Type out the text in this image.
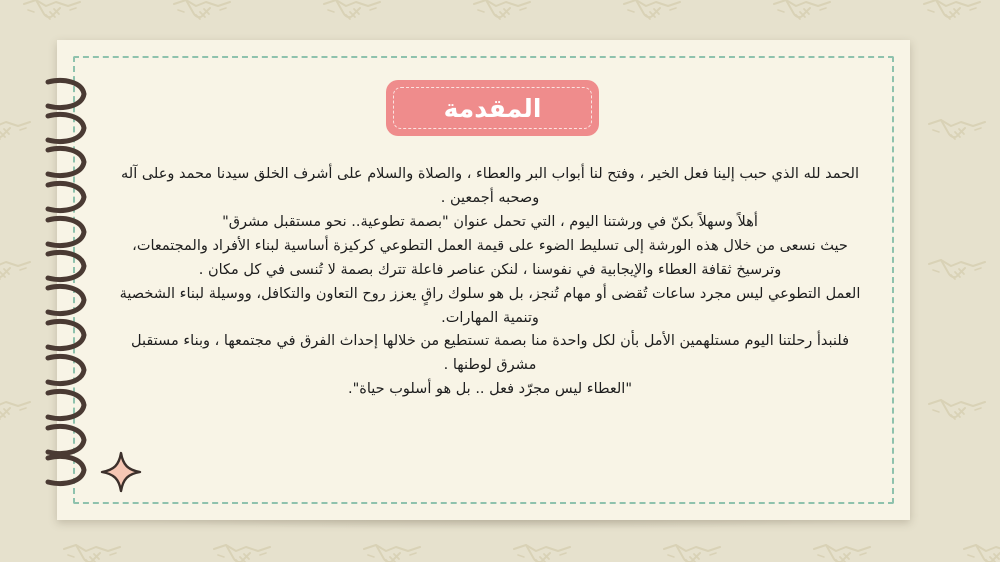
المقدمة

الحمد لله الذي حبب إلينا فعل الخير ، وفتح لنا أبواب البر والعطاء ، والصلاة والسلام على أشرف الخلق سيدنا محمد وعلى آله وصحبه أجمعين .

أهلاً وسهلاً بكنّ في ورشتنا اليوم ، التي تحمل عنوان "بصمة تطوعية.. نحو مستقبل مشرق"

حيث نسعى من خلال هذه الورشة إلى تسليط الضوء على قيمة العمل التطوعي كركيزة أساسية لبناء الأفراد والمجتمعات، وترسيخ ثقافة العطاء والإيجابية في نفوسنا ، لنكن عناصر فاعلة تترك بصمة لا تُنسى في كل مكان .

العمل التطوعي ليس مجرد ساعات تُقضى أو مهام تُنجز، بل هو سلوك راقٍ يعزز روح التعاون والتكافل، ووسيلة لبناء الشخصية وتنمية المهارات.

فلنبدأ رحلتنا اليوم مستلهمين الأمل بأن لكل واحدة منا بصمة تستطيع من خلالها إحداث الفرق في مجتمعها ، وبناء مستقبل مشرق لوطنها .

"العطاء ليس مجرّد فعل .. بل هو أسلوب حياة".
